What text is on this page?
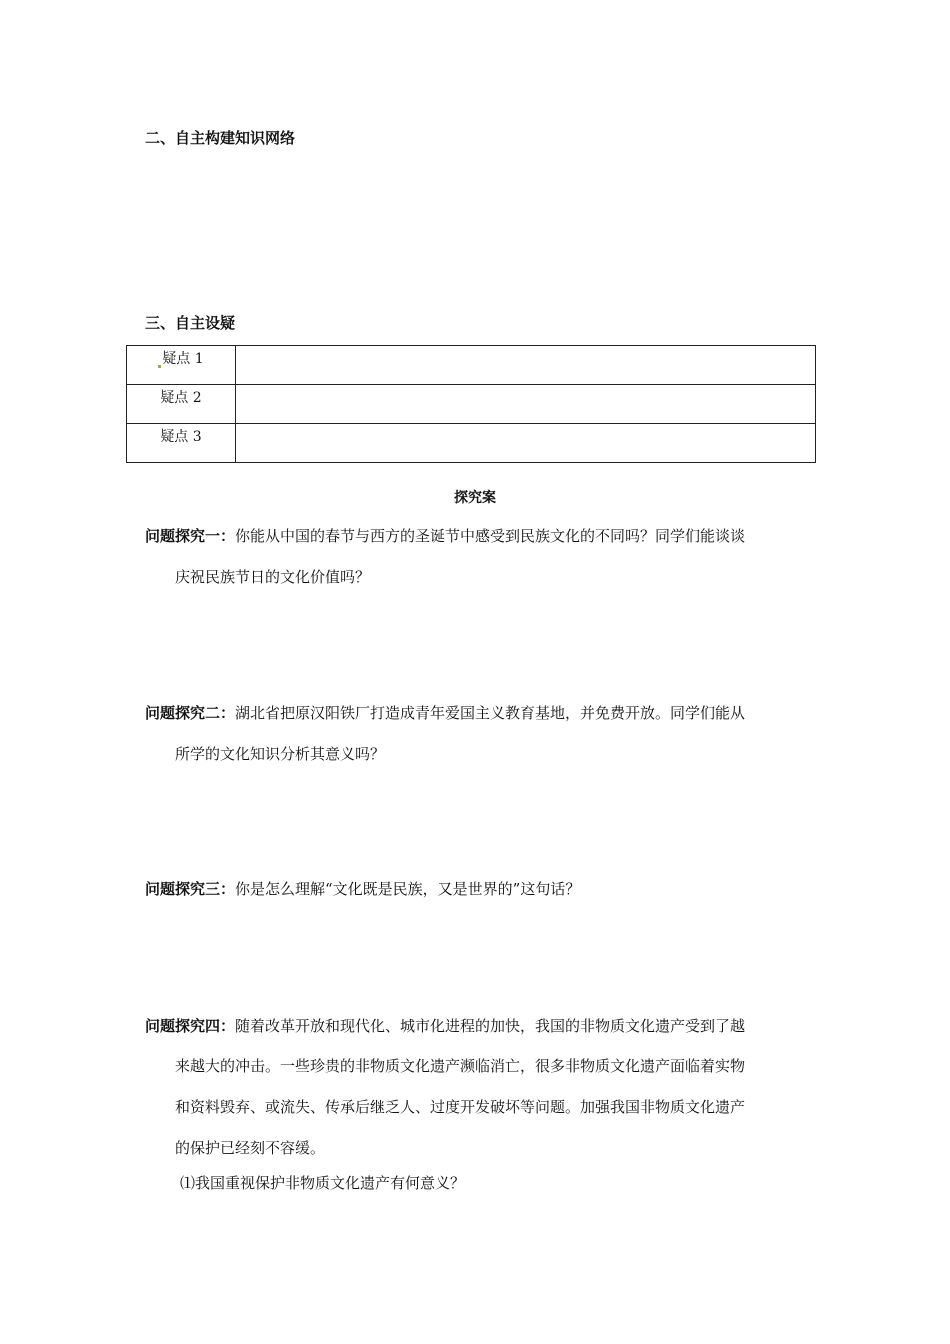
二、自主构建知识网络
三、自主设疑
疑点 1	
疑点 2	
疑点 3	
探究案
问题探究一：你能从中国的春节与西方的圣诞节中感受到民族文化的不同吗？同学们能谈谈
庆祝民族节日的文化价值吗？
问题探究二：湖北省把原汉阳铁厂打造成青年爱国主义教育基地，并免费开放。同学们能从
所学的文化知识分析其意义吗？
问题探究三：你是怎么理解“文化既是民族，又是世界的”这句话？
问题探究四：随着改革开放和现代化、城市化进程的加快，我国的非物质文化遗产受到了越
来越大的冲击。一些珍贵的非物质文化遗产濒临消亡，很多非物质文化遗产面临着实物
和资料毁弃、或流失、传承后继乏人、过度开发破坏等问题。加强我国非物质文化遗产
的保护已经刻不容缓。
⑴我国重视保护非物质文化遗产有何意义？
